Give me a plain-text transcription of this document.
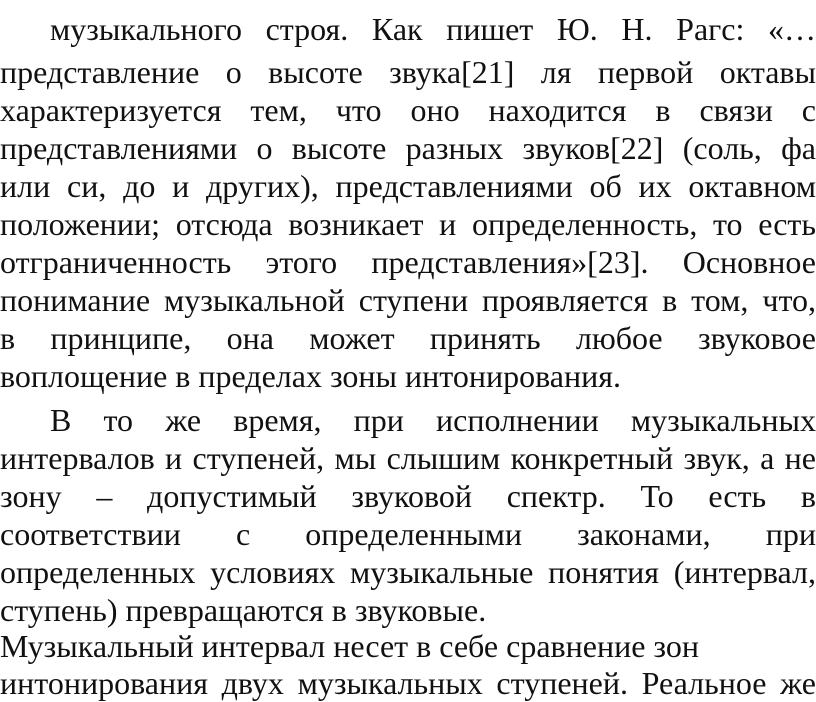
музыкального строя. Как пишет Ю. Н. Рагс: «…
представление о высоте звука[21] ля первой октавы
характеризуется тем, что оно находится в связи с
представлениями о высоте разных звуков[22] (соль, фа
или си, до и других), представлениями об их октавном
положении; отсюда возникает и определенность, то есть
отграниченность этого представления»[23]. Основное
понимание музыкальной ступени проявляется в том, что,
в принципе, она может принять любое звуковое
воплощение в пределах зоны интонирования.
В то же время, при исполнении музыкальных
интервалов и ступеней, мы слышим конкретный звук, а не
зону – допустимый звуковой спектр. То есть в
соответствии с определенными законами, при
определенных условиях музыкальные понятия (интервал,
ступень) превращаются в звуковые.
Музыкальный интервал несет в себе сравнение зон
интонирования двух музыкальных ступеней. Реальное же
